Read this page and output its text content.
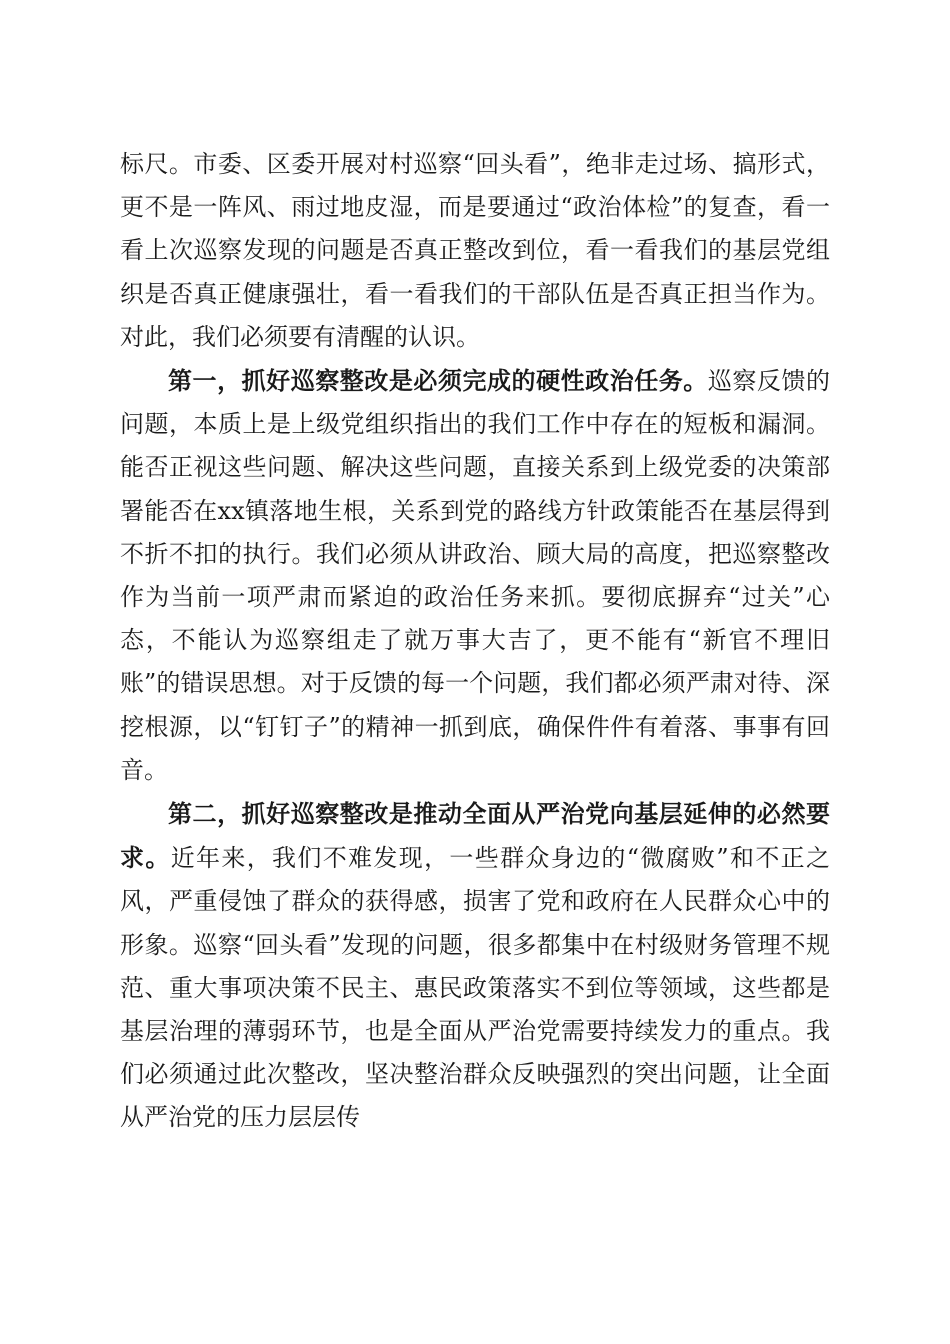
标尺。市委、区委开展对村巡察“回头看”，绝非走过场、搞形式，更不是一阵风、雨过地皮湿，而是要通过“政治体检”的复查，看一看上次巡察发现的问题是否真正整改到位，看一看我们的基层党组织是否真正健康强壮，看一看我们的干部队伍是否真正担当作为。对此，我们必须要有清醒的认识。

第一，抓好巡察整改是必须完成的硬性政治任务。巡察反馈的问题，本质上是上级党组织指出的我们工作中存在的短板和漏洞。能否正视这些问题、解决这些问题，直接关系到上级党委的决策部署能否在xx镇落地生根，关系到党的路线方针政策能否在基层得到不折不扣的执行。我们必须从讲政治、顾大局的高度，把巡察整改作为当前一项严肃而紧迫的政治任务来抓。要彻底摒弃“过关”心态，不能认为巡察组走了就万事大吉了，更不能有“新官不理旧账”的错误思想。对于反馈的每一个问题，我们都必须严肃对待、深挖根源，以“钉钉子”的精神一抓到底，确保件件有着落、事事有回音。

第二，抓好巡察整改是推动全面从严治党向基层延伸的必然要求。近年来，我们不难发现，一些群众身边的“微腐败”和不正之风，严重侵蚀了群众的获得感，损害了党和政府在人民群众心中的形象。巡察“回头看”发现的问题，很多都集中在村级财务管理不规范、重大事项决策不民主、惠民政策落实不到位等领域，这些都是基层治理的薄弱环节，也是全面从严治党需要持续发力的重点。我们必须通过此次整改，坚决整治群众反映强烈的突出问题，让全面从严治党的压力层层传
